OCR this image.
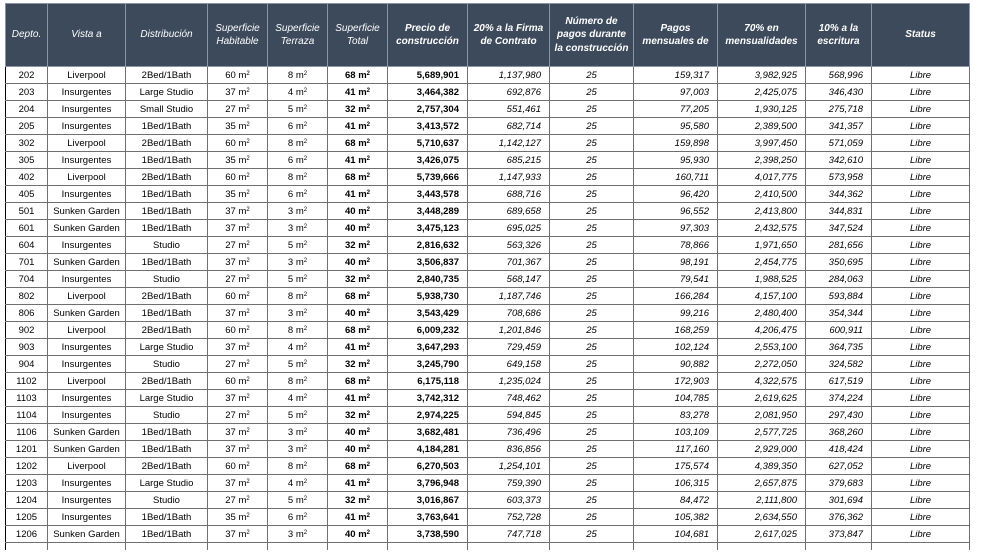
Depto.	Vista a	Distribución	Superficie Habitable	Superficie Terraza	Superficie Total	Precio de construcción	20% a la Firma de Contrato	Número de pagos durante la construcción	Pagos mensuales de	70% en mensualidades	10% a la escritura	Status
202	Liverpool	2Bed/1Bath	60 $m^2$	8 $m^2$	68 $m^2$	5,689,901	1,137,980	25	159,317	3,982,925	568,996	Libre
203	Insurgentes	Large Studio	37 $m^2$	4 $m^2$	41 $m^2$	3,464,382	692,876	25	97,003	2,425,075	346,430	Libre
204	Insurgentes	Small Studio	27 $m^2$	5 $m^2$	32 $m^2$	2,757,304	551,461	25	77,205	1,930,125	275,718	Libre
205	Insurgentes	1Bed/1Bath	35 $m^2$	6 $m^2$	41 $m^2$	3,413,572	682,714	25	95,580	2,389,500	341,357	Libre
302	Liverpool	2Bed/1Bath	60 $m^2$	8 $m^2$	68 $m^2$	5,710,637	1,142,127	25	159,898	3,997,450	571,059	Libre
305	Insurgentes	1Bed/1Bath	35 $m^2$	6 $m^2$	41 $m^2$	3,426,075	685,215	25	95,930	2,398,250	342,610	Libre
402	Liverpool	2Bed/1Bath	60 $m^2$	8 $m^2$	68 $m^2$	5,739,666	1,147,933	25	160,711	4,017,775	573,958	Libre
405	Insurgentes	1Bed/1Bath	35 $m^2$	6 $m^2$	41 $m^2$	3,443,578	688,716	25	96,420	2,410,500	344,362	Libre
501	Sunken Garden	1Bed/1Bath	37 $m^2$	3 $m^2$	40 $m^2$	3,448,289	689,658	25	96,552	2,413,800	344,831	Libre
601	Sunken Garden	1Bed/1Bath	37 $m^2$	3 $m^2$	40 $m^2$	3,475,123	695,025	25	97,303	2,432,575	347,524	Libre
604	Insurgentes	Studio	27 $m^2$	5 $m^2$	32 $m^2$	2,816,632	563,326	25	78,866	1,971,650	281,656	Libre
701	Sunken Garden	1Bed/1Bath	37 $m^2$	3 $m^2$	40 $m^2$	3,506,837	701,367	25	98,191	2,454,775	350,695	Libre
704	Insurgentes	Studio	27 $m^2$	5 $m^2$	32 $m^2$	2,840,735	568,147	25	79,541	1,988,525	284,063	Libre
802	Liverpool	2Bed/1Bath	60 $m^2$	8 $m^2$	68 $m^2$	5,938,730	1,187,746	25	166,284	4,157,100	593,884	Libre
806	Sunken Garden	1Bed/1Bath	37 $m^2$	3 $m^2$	40 $m^2$	3,543,429	708,686	25	99,216	2,480,400	354,344	Libre
902	Liverpool	2Bed/1Bath	60 $m^2$	8 $m^2$	68 $m^2$	6,009,232	1,201,846	25	168,259	4,206,475	600,911	Libre
903	Insurgentes	Large Studio	37 $m^2$	4 $m^2$	41 $m^2$	3,647,293	729,459	25	102,124	2,553,100	364,735	Libre
904	Insurgentes	Studio	27 $m^2$	5 $m^2$	32 $m^2$	3,245,790	649,158	25	90,882	2,272,050	324,582	Libre
1102	Liverpool	2Bed/1Bath	60 $m^2$	8 $m^2$	68 $m^2$	6,175,118	1,235,024	25	172,903	4,322,575	617,519	Libre
1103	Insurgentes	Large Studio	37 $m^2$	4 $m^2$	41 $m^2$	3,742,312	748,462	25	104,785	2,619,625	374,224	Libre
1104	Insurgentes	Studio	27 $m^2$	5 $m^2$	32 $m^2$	2,974,225	594,845	25	83,278	2,081,950	297,430	Libre
1106	Sunken Garden	1Bed/1Bath	37 $m^2$	3 $m^2$	40 $m^2$	3,682,481	736,496	25	103,109	2,577,725	368,260	Libre
1201	Sunken Garden	1Bed/1Bath	37 $m^2$	3 $m^2$	40 $m^2$	4,184,281	836,856	25	117,160	2,929,000	418,424	Libre
1202	Liverpool	2Bed/1Bath	60 $m^2$	8 $m^2$	68 $m^2$	6,270,503	1,254,101	25	175,574	4,389,350	627,052	Libre
1203	Insurgentes	Large Studio	37 $m^2$	4 $m^2$	41 $m^2$	3,796,948	759,390	25	106,315	2,657,875	379,683	Libre
1204	Insurgentes	Studio	27 $m^2$	5 $m^2$	32 $m^2$	3,016,867	603,373	25	84,472	2,111,800	301,694	Libre
1205	Insurgentes	1Bed/1Bath	35 $m^2$	6 $m^2$	41 $m^2$	3,763,641	752,728	25	105,382	2,634,550	376,362	Libre
1206	Sunken Garden	1Bed/1Bath	37 $m^2$	3 $m^2$	40 $m^2$	3,738,590	747,718	25	104,681	2,617,025	373,847	Libre
